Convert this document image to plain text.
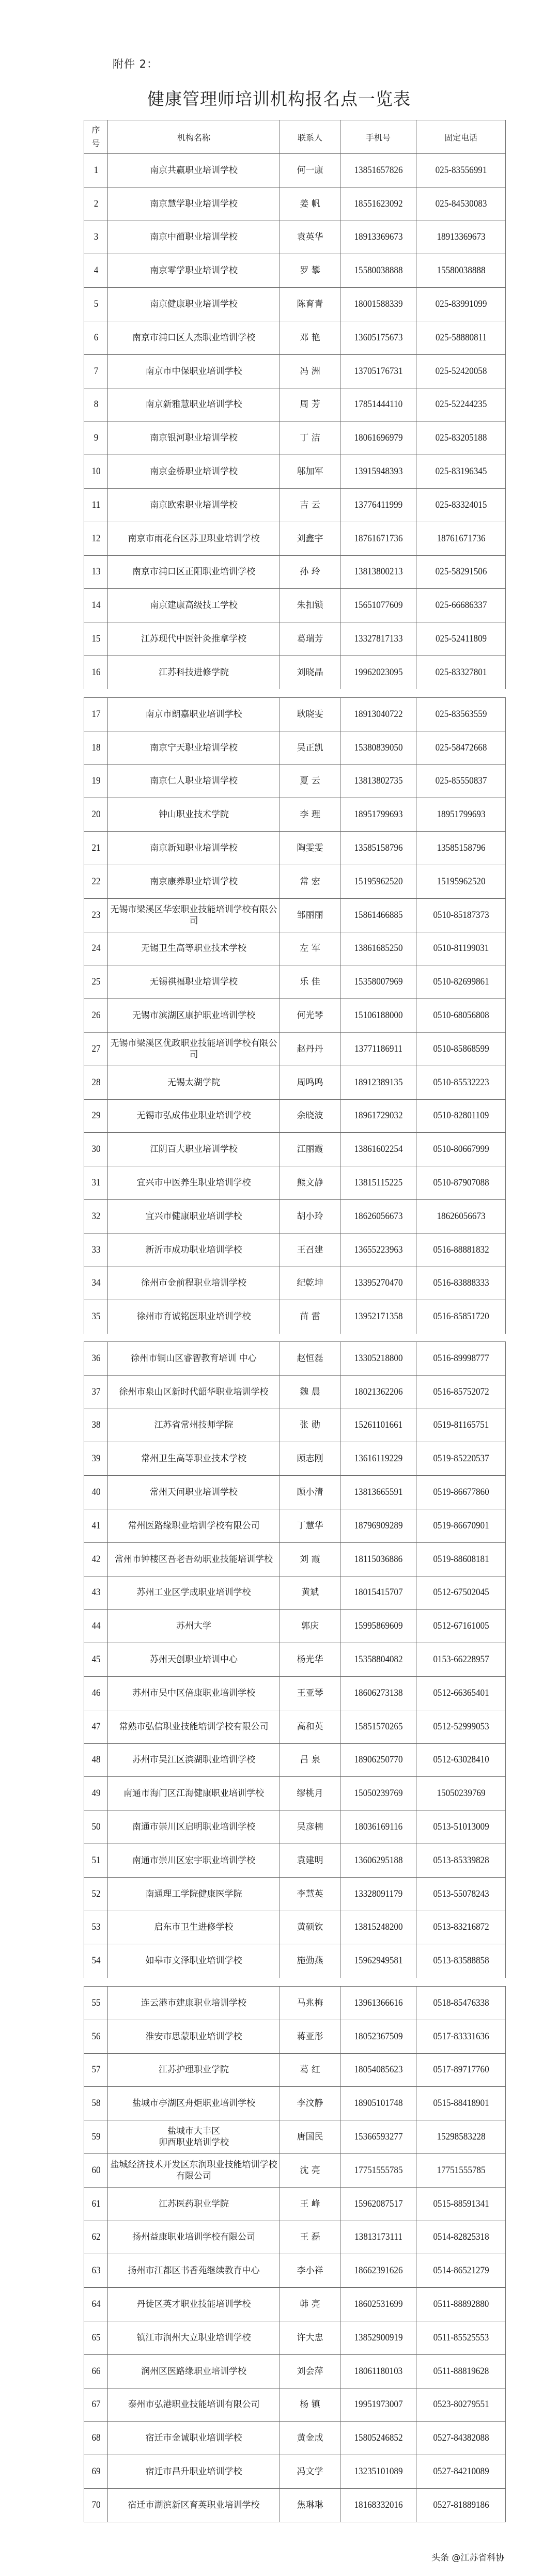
附件 2：
健康管理师培训机构报名点一览表
序
号	机构名称	联系人	手机号	固定电话
1	南京共赢职业培训学校	何一康	13851657826	025-83556991
2	南京慧学职业培训学校	姜 帆	18551623092	025-84530083
3	南京中蔺职业培训学校	袁英华	18913369673	18913369673
4	南京零学职业培训学校	罗 攀	15580038888	15580038888
5	南京健康职业培训学校	陈育青	18001588339	025-83991099
6	南京市浦口区人杰职业培训学校	邓 艳	13605175673	025-58880811
7	南京市中保职业培训学校	冯 洲	13705176731	025-52420058
8	南京新雅慧职业培训学校	周 芳	17851444110	025-52244235
9	南京银河职业培训学校	丁 洁	18061696979	025-83205188
10	南京金桥职业培训学校	邬加军	13915948393	025-83196345
11	南京欧索职业培训学校	吉 云	13776411999	025-83324015
12	南京市雨花台区苏卫职业培训学校	刘鑫宇	18761671736	18761671736
13	南京市浦口区正阳职业培训学校	孙 玲	13813800213	025-58291506
14	南京建康高级技工学校	朱扣锁	15651077609	025-66686337
15	江苏现代中医针灸推拿学校	葛瑞芳	13327817133	025-52411809
16	江苏科技进修学院	刘晓晶	19962023095	025-83327801
17	南京市朗嘉职业培训学校	耿晓雯	18913040722	025-83563559
18	南京宁天职业培训学校	吴正凯	15380839050	025-58472668
19	南京仁人职业培训学校	夏 云	13813802735	025-85550837
20	钟山职业技术学院	李 理	18951799693	18951799693
21	南京新知职业培训学校	陶雯雯	13585158796	13585158796
22	南京康养职业培训学校	常 宏	15195962520	15195962520
23	无锡市梁溪区华宏职业技能培训学校有限公司	邹丽丽	15861466885	0510-85187373
24	无锡卫生高等职业技术学校	左 军	13861685250	0510-81199031
25	无锡祺福职业培训学校	乐 佳	15358007969	0510-82699861
26	无锡市滨湖区康护职业培训学校	何光琴	15106188000	0510-68056808
27	无锡市梁溪区优政职业技能培训学校有限公司	赵丹丹	13771186911	0510-85868599
28	无锡太湖学院	周鸣鸣	18912389135	0510-85532223
29	无锡市弘成伟业职业培训学校	余晓波	18961729032	0510-82801109
30	江阴百大职业培训学校	江丽霞	13861602254	0510-80667999
31	宜兴市中医养生职业培训学校	熊文静	13815115225	0510-87907088
32	宜兴市健康职业培训学校	胡小玲	18626056673	18626056673
33	新沂市成功职业培训学校	王召建	13655223963	0516-88881832
34	徐州市金前程职业培训学校	纪乾坤	13395270470	0516-83888333
35	徐州市育诚铭医职业培训学校	苗 雷	13952171358	0516-85851720
36	徐州市铜山区睿智教育培训 中心	赵恒磊	13305218800	0516-89998777
37	徐州市泉山区新时代韶华职业培训学校	魏 晨	18021362206	0516-85752072
38	江苏省常州技师学院	张 勋	15261101661	0519-81165751
39	常州卫生高等职业技术学校	顾志刚	13616119229	0519-85220537
40	常州天问职业培训学校	顾小清	13813665591	0519-86677860
41	常州医路缘职业培训学校有限公司	丁慧华	18796909289	0519-86670901
42	常州市钟楼区吾老吾幼职业技能培训学校	刘 霞	18115036886	0519-88608181
43	苏州工业区学成职业培训学校	黄斌	18015415707	0512-67502045
44	苏州大学	郭庆	15995869609	0512-67161005
45	苏州天创职业培训中心	杨光华	15358804082	0153-66228957
46	苏州市吴中区倍康职业培训学校	王亚琴	18606273138	0512-66365401
47	常熟市弘信职业技能培训学校有限公司	高和英	15851570265	0512-52999053
48	苏州市吴江区滨湖职业培训学校	吕 泉	18906250770	0512-63028410
49	南通市海门区江海健康职业培训学校	缪桃月	15050239769	15050239769
50	南通市崇川区启明职业培训学校	吴彦楠	18036169116	0513-51013009
51	南通市崇川区宏宇职业培训学校	袁建明	13606295188	0513-85339828
52	南通理工学院健康医学院	李慧英	13328091179	0513-55078243
53	启东市卫生进修学校	黄硕钦	13815248200	0513-83216872
54	如皋市文泽职业培训学校	施勤燕	15962949581	0513-83588858
55	连云港市建康职业培训学校	马兆梅	13961366616	0518-85476338
56	淮安市思蒙职业培训学校	蒋亚彤	18052367509	0517-83331636
57	江苏护理职业学院	葛 红	18054085623	0517-89717760
58	盐城市亭湖区舟炬职业培训学校	李汶静	18905101748	0515-88418901
59	盐城市大丰区
卯酉职业培训学校	唐国民	15366593277	15298583228
60	盐城经济技术开发区东润职业技能培训学校有限公司	沈 亮	17751555785	17751555785
61	江苏医药职业学院	王 峰	15962087517	0515-88591341
62	扬州益康职业培训学校有限公司	王 磊	13813173111	0514-82825318
63	扬州市江都区书香苑继续教育中心	李小祥	18662391626	0514-86521279
64	丹徒区英才职业技能培训学校	韩 亮	18602531699	0511-88892880
65	镇江市润州大立职业培训学校	许大忠	13852900919	0511-85525553
66	润州区医路缘职业培训学校	刘会萍	18061180103	0511-88819628
67	泰州市弘港职业技能培训有限公司	杨 镇	19951973007	0523-80279551
68	宿迁市金诚职业培训学校	黄金成	15805246852	0527-84382088
69	宿迁市昌升职业培训学校	冯文学	13235101089	0527-84210089
70	宿迁市湖滨新区育英职业培训学校	焦琳琳	18168332016	0527-81889186
头条 @江苏省科协
